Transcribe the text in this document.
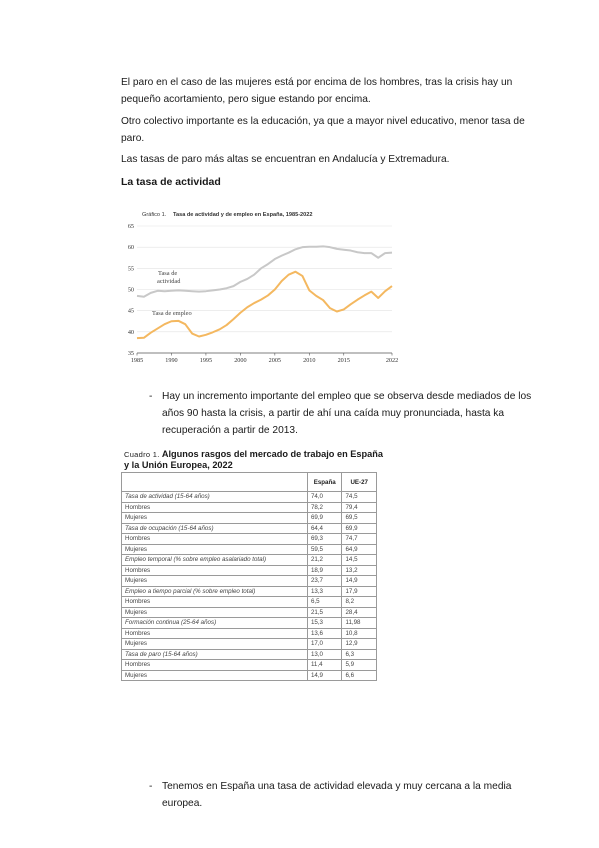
El paro en el caso de las mujeres está por encima de los hombres, tras la crisis hay un pequeño acortamiento, pero sigue estando por encima.

Otro colectivo importante es la educación, ya que a mayor nivel educativo, menor tasa de paro.

Las tasas de paro más altas se encuentran en Andalucía y Extremadura.

La tasa de actividad

Gráfico 1. Tasa de actividad y de empleo en España, 1985-2022
35
40
45
50
55
60
65
1985	1990	1995	2000	2005	2010	2015	2022
Tasa de
actividad
Tasa de empleo
- Hay un incremento importante del empleo que se observa desde mediados de los años 90 hasta la crisis, a partir de ahí una caída muy pronunciada, hasta ka recuperación a partir de 2013.
Cuadro 1. Algunos rasgos del mercado de trabajo en España y la Unión Europea, 2022
	España	UE-27
Tasa de actividad (15-64 años)	74,0	74,5
Hombres	78,2	79,4
Mujeres	69,9	69,5
Tasa de ocupación (15-64 años)	64,4	69,9
Hombres	69,3	74,7
Mujeres	59,5	64,9
Empleo temporal (% sobre empleo asalariado total)	21,2	14,5
Hombres	18,9	13,2
Mujeres	23,7	14,9
Empleo a tiempo parcial (% sobre empleo total)	13,3	17,9
Hombres	6,5	8,2
Mujeres	21,5	28,4
Formación continua (25-64 años)	15,3	11,98
Hombres	13,6	10,8
Mujeres	17,0	12,9
Tasa de paro (15-64 años)	13,0	6,3
Hombres	11,4	5,9
Mujeres	14,9	6,6
- Tenemos en España una tasa de actividad elevada y muy cercana a la media europea.
